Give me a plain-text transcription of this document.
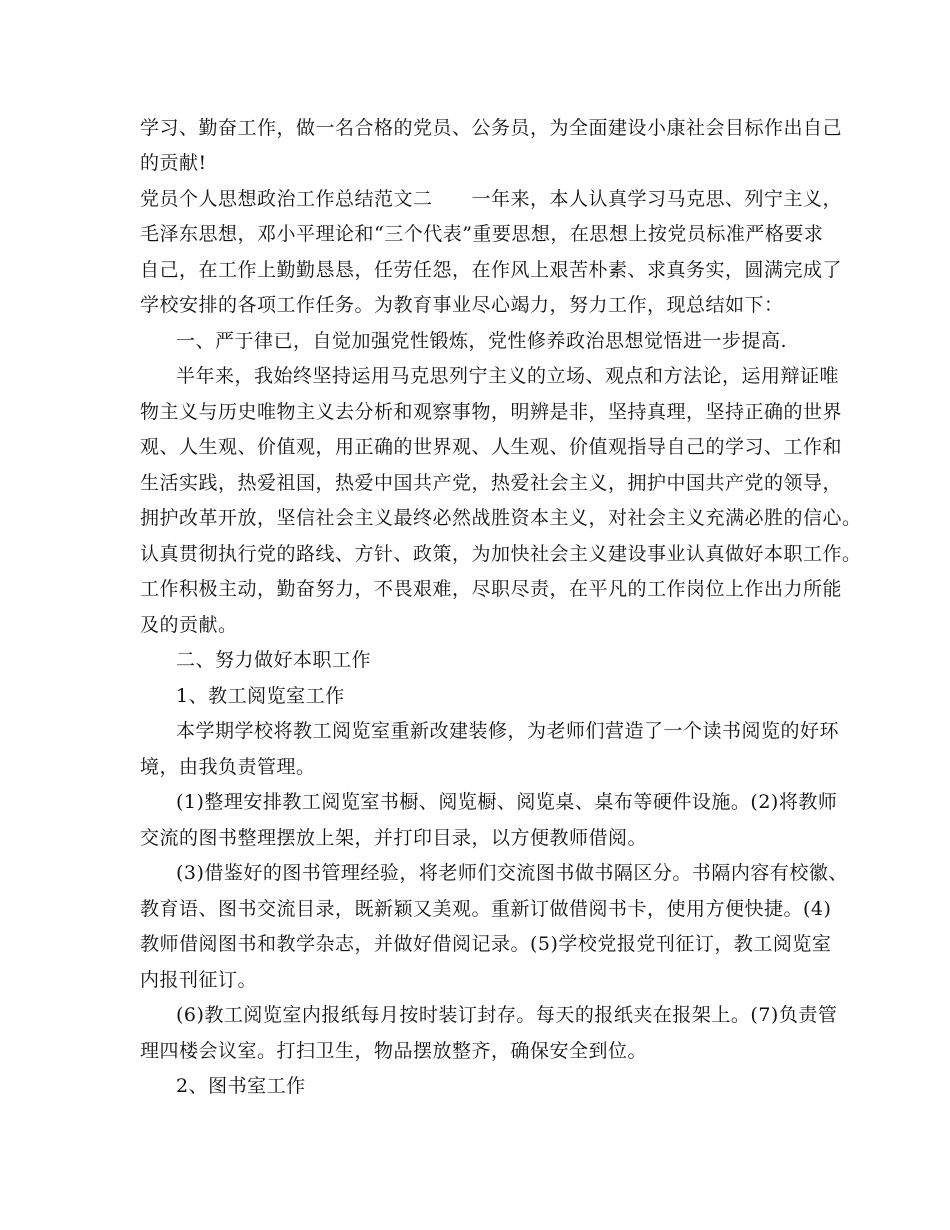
学习、勤奋工作，做一名合格的党员、公务员，为全面建设小康社会目标作出自己
的贡献!
党员个人思想政治工作总结范文二　　一年来，本人认真学习马克思、列宁主义，
毛泽东思想，邓小平理论和“三个代表”重要思想，在思想上按党员标准严格要求
自己，在工作上勤勤恳恳，任劳任怨，在作风上艰苦朴素、求真务实，圆满完成了
学校安排的各项工作任务。为教育事业尽心竭力，努力工作，现总结如下：
一、严于律已，自觉加强党性锻炼，党性修养政治思想觉悟进一步提高.
半年来，我始终坚持运用马克思列宁主义的立场、观点和方法论，运用辩证唯
物主义与历史唯物主义去分析和观察事物，明辨是非，坚持真理，坚持正确的世界
观、人生观、价值观，用正确的世界观、人生观、价值观指导自己的学习、工作和
生活实践，热爱祖国，热爱中国共产党，热爱社会主义，拥护中国共产党的领导，
拥护改革开放，坚信社会主义最终必然战胜资本主义，对社会主义充满必胜的信心。
认真贯彻执行党的路线、方针、政策，为加快社会主义建设事业认真做好本职工作。
工作积极主动，勤奋努力，不畏艰难，尽职尽责，在平凡的工作岗位上作出力所能
及的贡献。
二、努力做好本职工作
1、教工阅览室工作
本学期学校将教工阅览室重新改建装修，为老师们营造了一个读书阅览的好环
境，由我负责管理。
(1)整理安排教工阅览室书橱、阅览橱、阅览桌、桌布等硬件设施。(2)将教师
交流的图书整理摆放上架，并打印目录，以方便教师借阅。
(3)借鉴好的图书管理经验，将老师们交流图书做书隔区分。书隔内容有校徽、
教育语、图书交流目录，既新颖又美观。重新订做借阅书卡，使用方便快捷。(4)
教师借阅图书和教学杂志，并做好借阅记录。(5)学校党报党刊征订，教工阅览室
内报刊征订。
(6)教工阅览室内报纸每月按时装订封存。每天的报纸夹在报架上。(7)负责管
理四楼会议室。打扫卫生，物品摆放整齐，确保安全到位。
2、图书室工作
